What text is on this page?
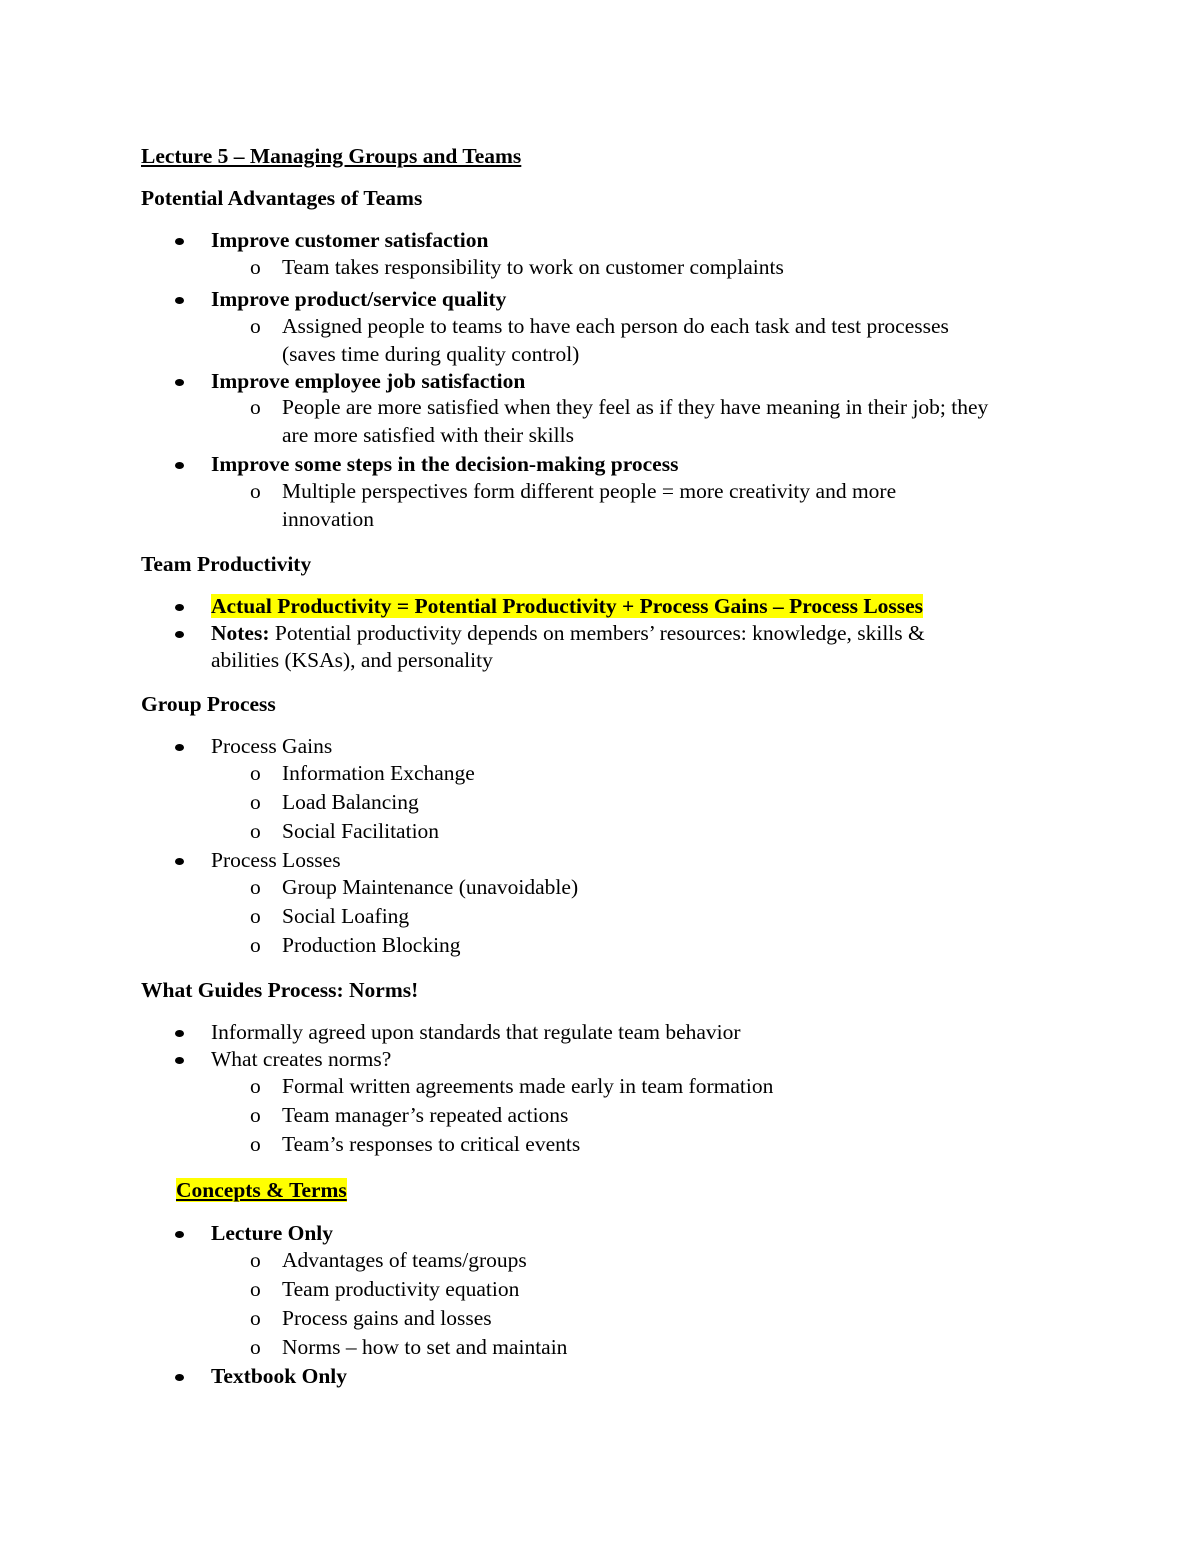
Lecture 5 – Managing Groups and Teams
Potential Advantages of Teams
Improve customer satisfaction
o Team takes responsibility to work on customer complaints
Improve product/service quality
o Assigned people to teams to have each person do each task and test processes
(saves time during quality control)
Improve employee job satisfaction
o People are more satisfied when they feel as if they have meaning in their job; they
are more satisfied with their skills
Improve some steps in the decision-making process
o Multiple perspectives form different people = more creativity and more
innovation
Team Productivity
Actual Productivity = Potential Productivity + Process Gains – Process Losses
Notes: Potential productivity depends on members’ resources: knowledge, skills &
abilities (KSAs), and personality
Group Process
Process Gains
o Information Exchange
o Load Balancing
o Social Facilitation
Process Losses
o Group Maintenance (unavoidable)
o Social Loafing
o Production Blocking
What Guides Process: Norms!
Informally agreed upon standards that regulate team behavior
What creates norms?
o Formal written agreements made early in team formation
o Team manager’s repeated actions
o Team’s responses to critical events
Concepts & Terms
Lecture Only
o Advantages of teams/groups
o Team productivity equation
o Process gains and losses
o Norms – how to set and maintain
Textbook Only
